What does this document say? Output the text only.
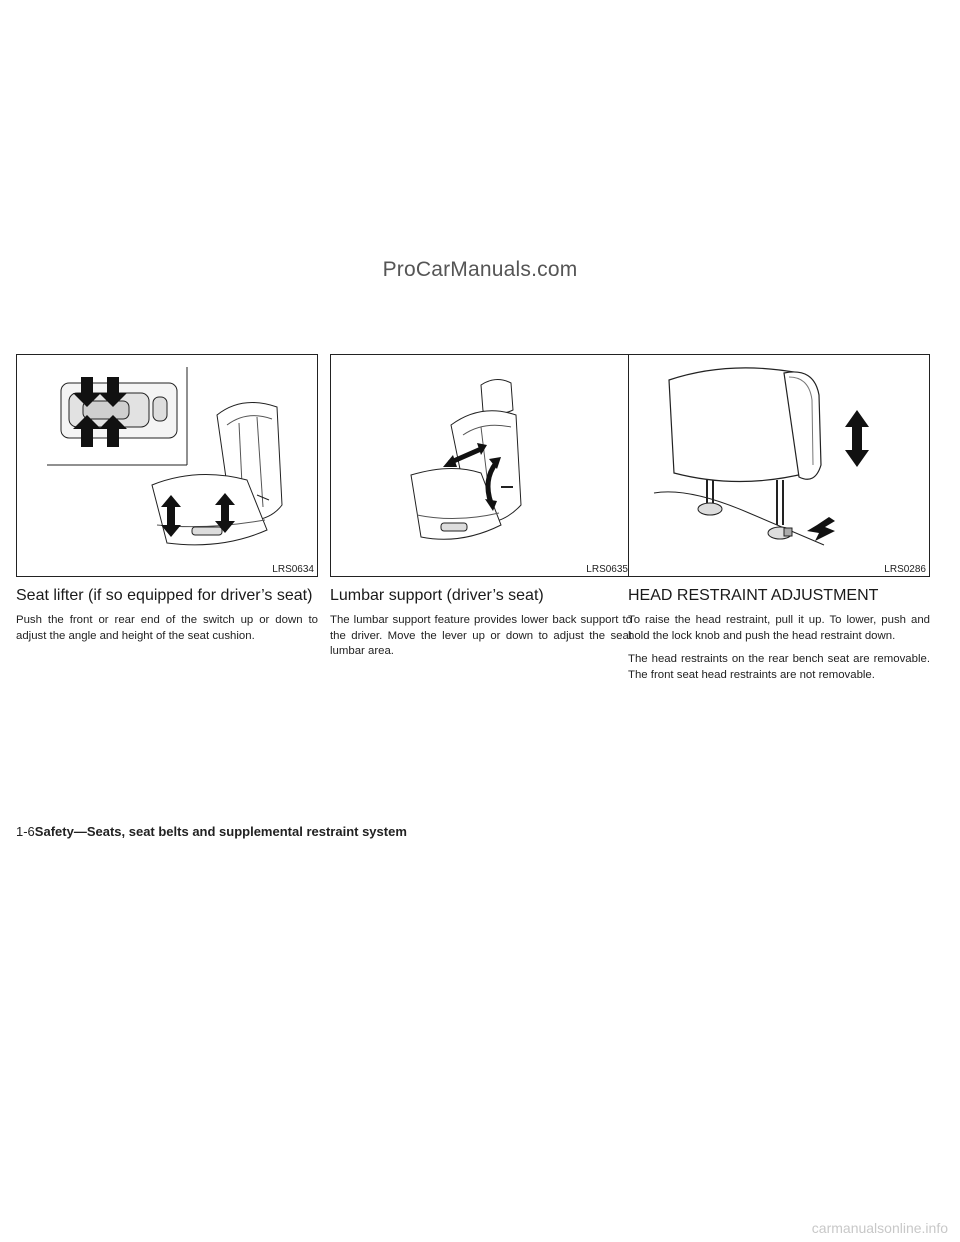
ProCarManuals.com
LRS0634
Seat lifter (if so equipped for driver’s seat)

Push the front or rear end of the switch up or down to adjust the angle and height of the seat cushion.

LRS0635
Lumbar support (driver’s seat)

The lumbar support feature provides lower back support to the driver. Move the lever up or down to adjust the seat lumbar area.

LRS0286
HEAD RESTRAINT ADJUSTMENT

To raise the head restraint, pull it up. To lower, push and hold the lock knob and push the head restraint down.

The head restraints on the rear bench seat are removable. The front seat head restraints are not removable.

1-6Safety—Seats, seat belts and supplemental restraint system
carmanualsonline.info
